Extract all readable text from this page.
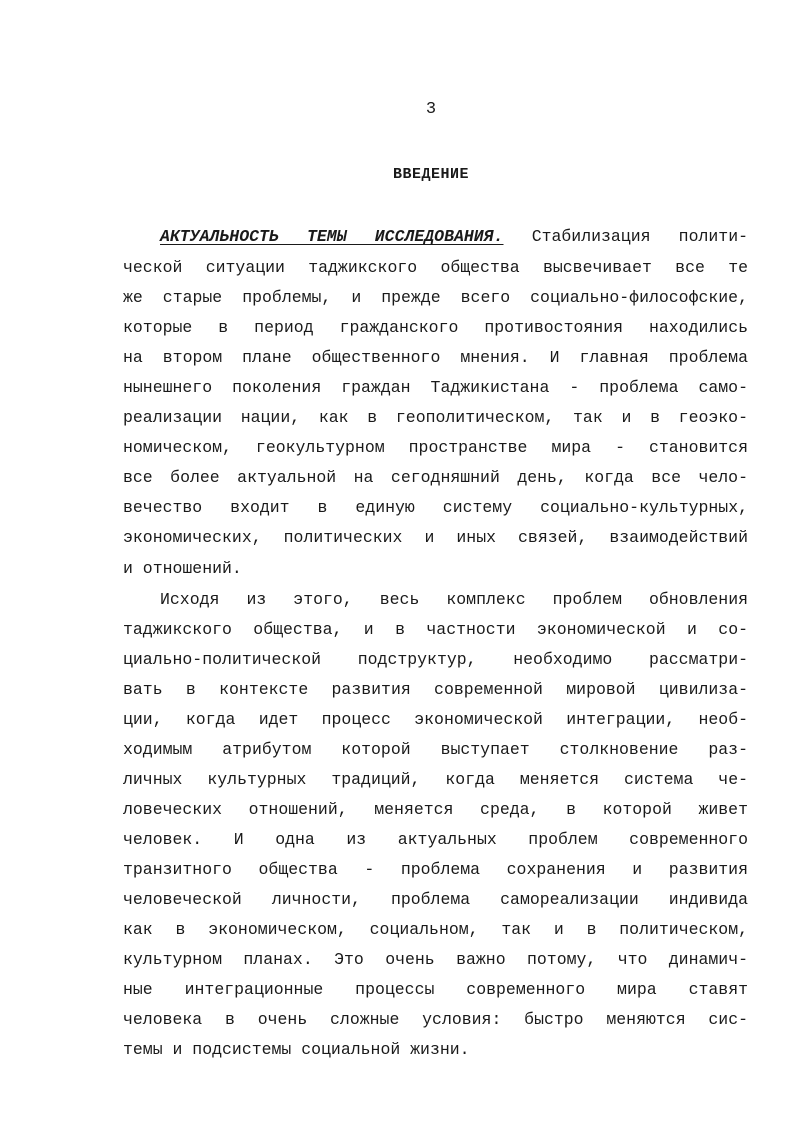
3
ВВЕДЕНИЕ
АКТУАЛЬНОСТЬ ТЕМЫ ИССЛЕДОВАНИЯ. Стабилизация полити-
ческой ситуации таджикского общества высвечивает все те
же старые проблемы, и прежде всего социально-философские,
которые в период гражданского противостояния находились
на втором плане общественного мнения. И главная проблема
нынешнего поколения граждан Таджикистана - проблема само-
реализации нации, как в геополитическом, так и в геоэко-
номическом, геокультурном пространстве мира - становится
все более актуальной на сегодняшний день, когда все чело-
вечество входит в единую систему социально-культурных,
экономических, политических и иных связей, взаимодействий
и отношений.
Исходя из этого, весь комплекс проблем обновления
таджикского общества, и в частности экономической и со-
циально-политической подструктур, необходимо рассматри-
вать в контексте развития современной мировой цивилиза-
ции, когда идет процесс экономической интеграции, необ-
ходимым атрибутом которой выступает столкновение раз-
личных культурных традиций, когда меняется система че-
ловеческих отношений, меняется среда, в которой живет
человек. И одна из актуальных проблем современного
транзитного общества - проблема сохранения и развития
человеческой личности, проблема самореализации индивида
как в экономическом, социальном, так и в политическом,
культурном планах. Это очень важно потому, что динамич-
ные интеграционные процессы современного мира ставят
человека в очень сложные условия: быстро меняются сис-
темы и подсистемы социальной жизни.
